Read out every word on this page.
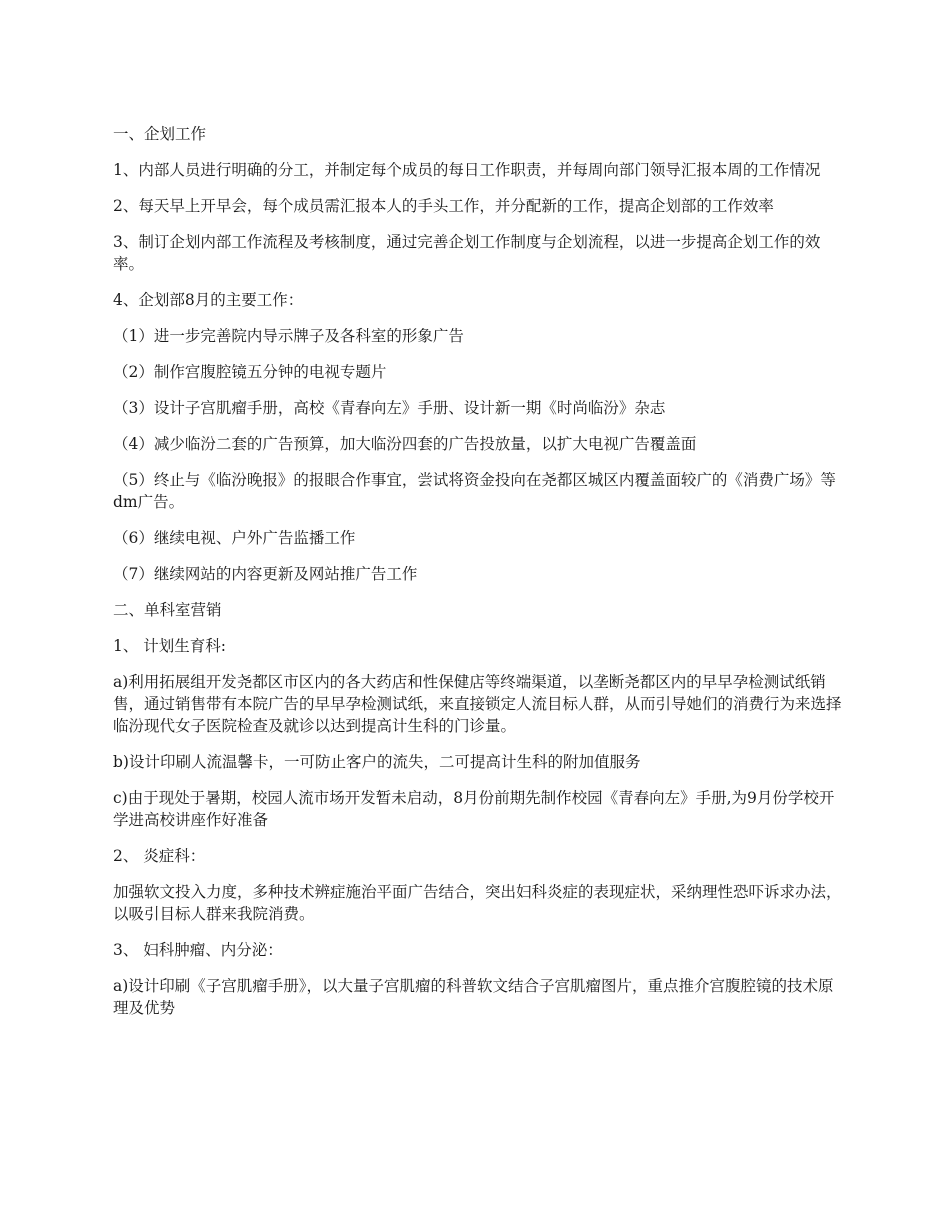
一、企划工作

1、内部人员进行明确的分工，并制定每个成员的每日工作职责，并每周向部门领导汇报本周的工作情况

2、每天早上开早会，每个成员需汇报本人的手头工作，并分配新的工作，提高企划部的工作效率

3、制订企划内部工作流程及考核制度，通过完善企划工作制度与企划流程，以进一步提高企划工作的效率。

4、企划部8月的主要工作：

（1）进一步完善院内导示牌子及各科室的形象广告

（2）制作宫腹腔镜五分钟的电视专题片

（3）设计子宫肌瘤手册，高校《青春向左》手册、设计新一期《时尚临汾》杂志

（4）减少临汾二套的广告预算，加大临汾四套的广告投放量，以扩大电视广告覆盖面

（5）终止与《临汾晚报》的报眼合作事宜，尝试将资金投向在尧都区城区内覆盖面较广的《消费广场》等dm广告。

（6）继续电视、户外广告监播工作

（7）继续网站的内容更新及网站推广告工作

二、单科室营销

1、 计划生育科:

a)利用拓展组开发尧都区市区内的各大药店和性保健店等终端渠道，以垄断尧都区内的早早孕检测试纸销售，通过销售带有本院广告的早早孕检测试纸，来直接锁定人流目标人群，从而引导她们的消费行为来选择临汾现代女子医院检查及就诊以达到提高计生科的门诊量。

b)设计印刷人流温馨卡，一可防止客户的流失，二可提高计生科的附加值服务

c)由于现处于暑期，校园人流市场开发暂未启动，8月份前期先制作校园《青春向左》手册,为9月份学校开学进高校讲座作好准备

2、 炎症科：

加强软文投入力度，多种技术辨症施治平面广告结合，突出妇科炎症的表现症状，采纳理性恐吓诉求办法，以吸引目标人群来我院消费。

3、 妇科肿瘤、内分泌：

a)设计印刷《子宫肌瘤手册》，以大量子宫肌瘤的科普软文结合子宫肌瘤图片，重点推介宫腹腔镜的技术原理及优势
